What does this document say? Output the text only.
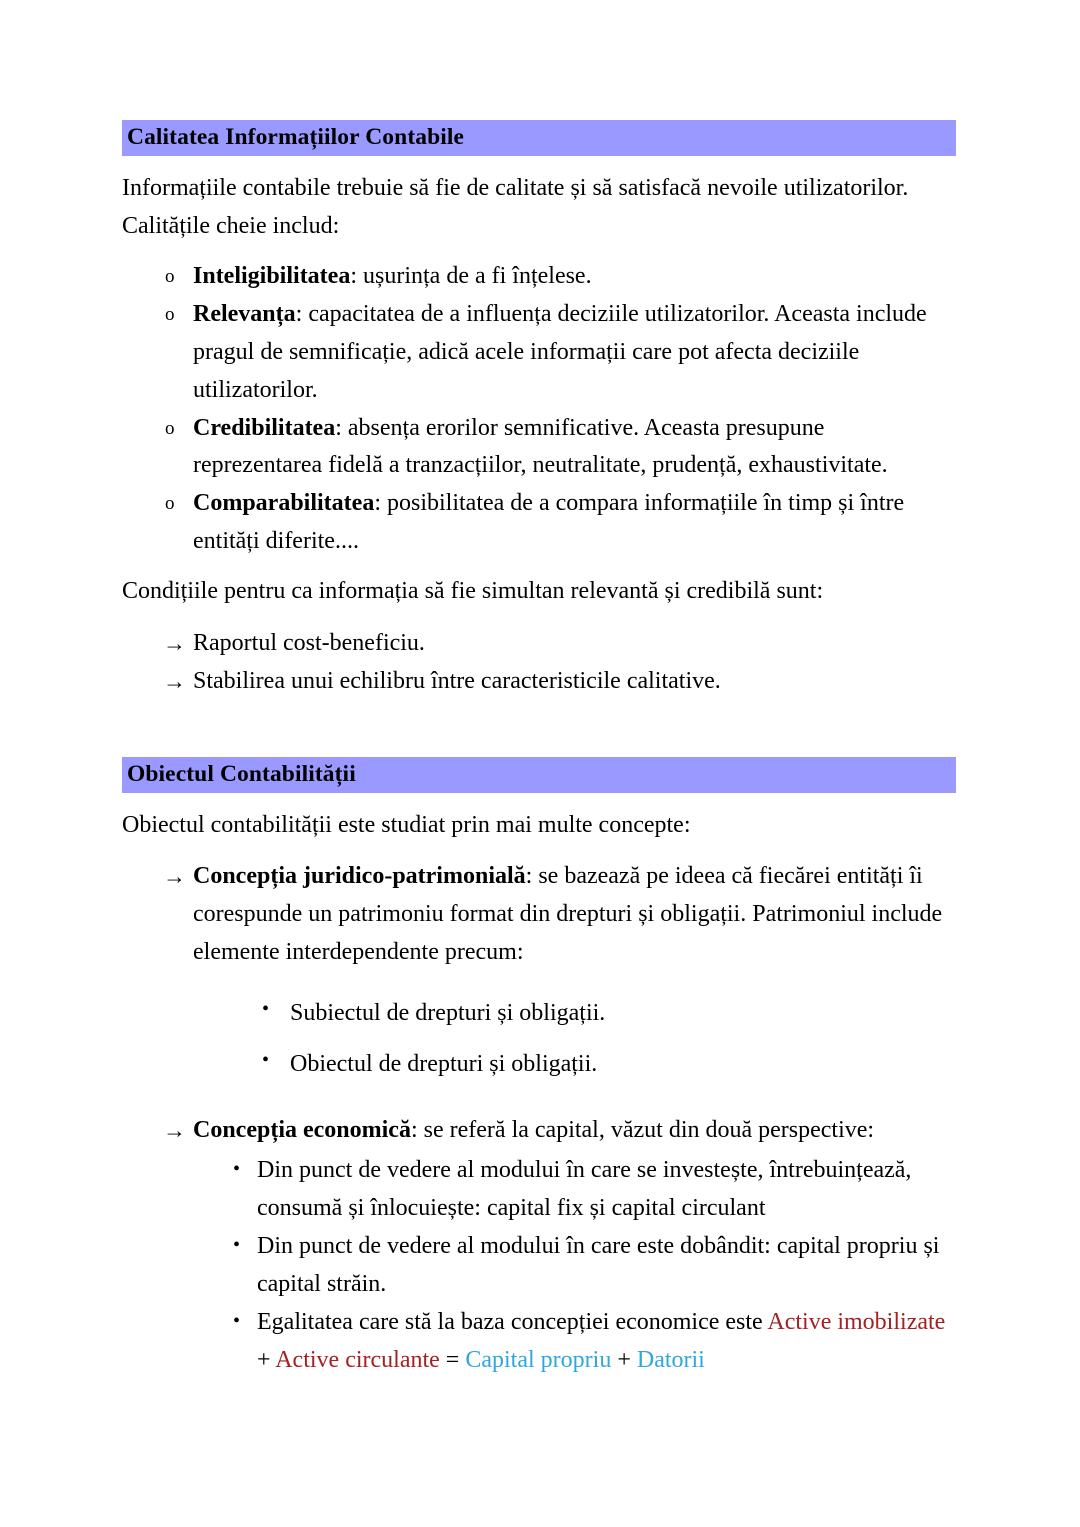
Calitatea Informațiilor Contabile

Informațiile contabile trebuie să fie de calitate și să satisfacă nevoile utilizatorilor. Calitățile cheie includ:

o Inteligibilitatea: ușurința de a fi înțelese.
o Relevanța: capacitatea de a influența deciziile utilizatorilor. Aceasta include pragul de semnificație, adică acele informații care pot afecta deciziile utilizatorilor.
o Credibilitatea: absența erorilor semnificative. Aceasta presupune reprezentarea fidelă a tranzacțiilor, neutralitate, prudență, exhaustivitate.
o Comparabilitatea: posibilitatea de a compara informațiile în timp și între entități diferite....

Condițiile pentru ca informația să fie simultan relevantă și credibilă sunt:

→ Raportul cost-beneficiu.
→ Stabilirea unui echilibru între caracteristicile calitative.
Obiectul Contabilității

Obiectul contabilității este studiat prin mai multe concepte:

→ Concepția juridico-patrimonială: se bazează pe ideea că fiecărei entități îi corespunde un patrimoniu format din drepturi și obligații. Patrimoniul include elemente interdependente precum:
• Subiectul de drepturi și obligații.
• Obiectul de drepturi și obligații.
→ Concepția economică: se referă la capital, văzut din două perspective:
• Din punct de vedere al modului în care se investește, întrebuințează, consumă și înlocuiește: capital fix și capital circulant
• Din punct de vedere al modului în care este dobândit: capital propriu și capital străin.
• Egalitatea care stă la baza concepției economice este Active imobilizate + Active circulante = Capital propriu + Datorii
